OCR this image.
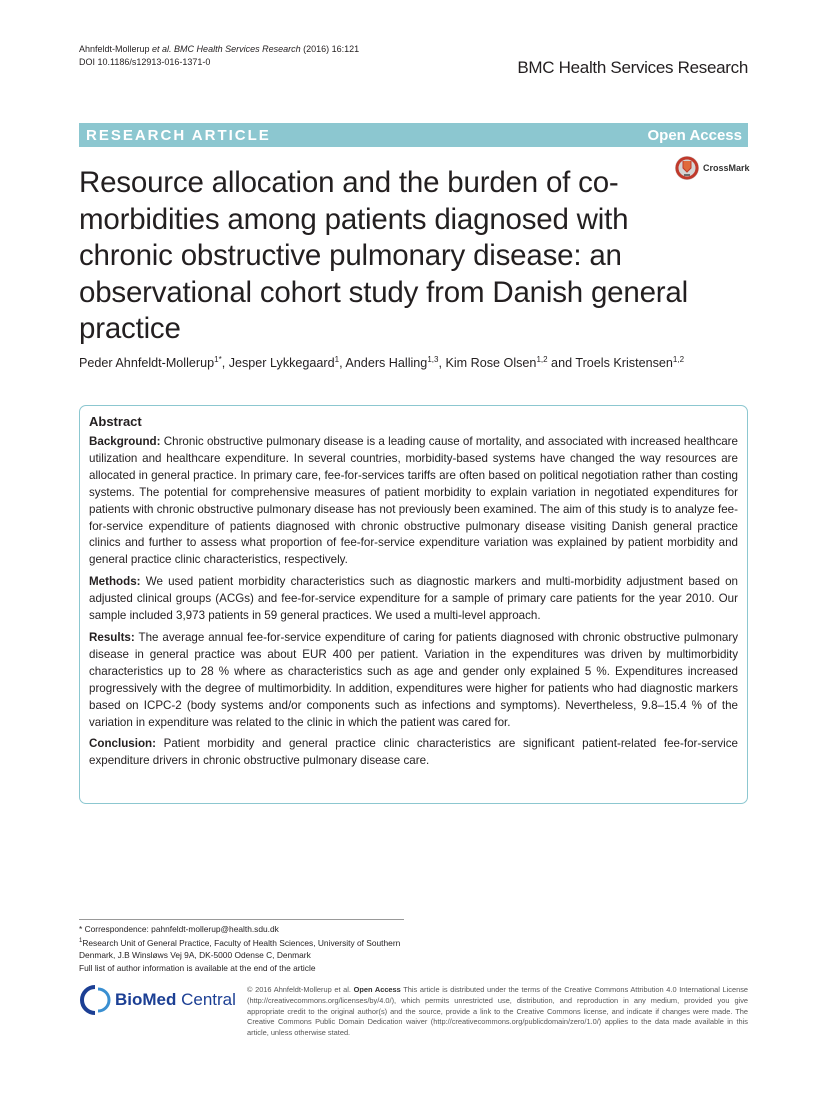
Ahnfeldt-Mollerup et al. BMC Health Services Research (2016) 16:121
DOI 10.1186/s12913-016-1371-0	BMC Health Services Research
RESEARCH ARTICLE	Open Access
CrossMark
Resource allocation and the burden of co-morbidities among patients diagnosed with chronic obstructive pulmonary disease: an observational cohort study from Danish general practice
Peder Ahnfeldt-Mollerup$^{1*}$, Jesper Lykkegaard$^1$, Anders Halling$^{1,3}$, Kim Rose Olsen$^{1,2}$ and Troels Kristensen$^{1,2}$
Abstract

Background: Chronic obstructive pulmonary disease is a leading cause of mortality, and associated with increased healthcare utilization and healthcare expenditure. In several countries, morbidity-based systems have changed the way resources are allocated in general practice. In primary care, fee-for-services tariffs are often based on political negotiation rather than costing systems. The potential for comprehensive measures of patient morbidity to explain variation in negotiated expenditures for patients with chronic obstructive pulmonary disease has not previously been examined. The aim of this study is to analyze fee-for-service expenditure of patients diagnosed with chronic obstructive pulmonary disease visiting Danish general practice clinics and further to assess what proportion of fee-for-service expenditure variation was explained by patient morbidity and general practice clinic characteristics, respectively.

Methods: We used patient morbidity characteristics such as diagnostic markers and multi-morbidity adjustment based on adjusted clinical groups (ACGs) and fee-for-service expenditure for a sample of primary care patients for the year 2010. Our sample included 3,973 patients in 59 general practices. We used a multi-level approach.

Results: The average annual fee-for-service expenditure of caring for patients diagnosed with chronic obstructive pulmonary disease in general practice was about EUR 400 per patient. Variation in the expenditures was driven by multimorbidity characteristics up to 28 % where as characteristics such as age and gender only explained 5 %. Expenditures increased progressively with the degree of multimorbidity. In addition, expenditures were higher for patients who had diagnostic markers based on ICPC-2 (body systems and/or components such as infections and symptoms). Nevertheless, 9.8–15.4 % of the variation in expenditure was related to the clinic in which the patient was cared for.

Conclusion: Patient morbidity and general practice clinic characteristics are significant patient-related fee-for-service expenditure drivers in chronic obstructive pulmonary disease care.

* Correspondence: pahnfeldt-mollerup@health.sdu.dk
$^1$Research Unit of General Practice, Faculty of Health Sciences, University of Southern Denmark, J.B Winsløws Vej 9A, DK-5000 Odense C, Denmark
Full list of author information is available at the end of the article
BioMed Central
© 2016 Ahnfeldt-Mollerup et al. Open Access This article is distributed under the terms of the Creative Commons Attribution 4.0 International License (http://creativecommons.org/licenses/by/4.0/), which permits unrestricted use, distribution, and reproduction in any medium, provided you give appropriate credit to the original author(s) and the source, provide a link to the Creative Commons license, and indicate if changes were made. The Creative Commons Public Domain Dedication waiver (http://creativecommons.org/publicdomain/zero/1.0/) applies to the data made available in this article, unless otherwise stated.
